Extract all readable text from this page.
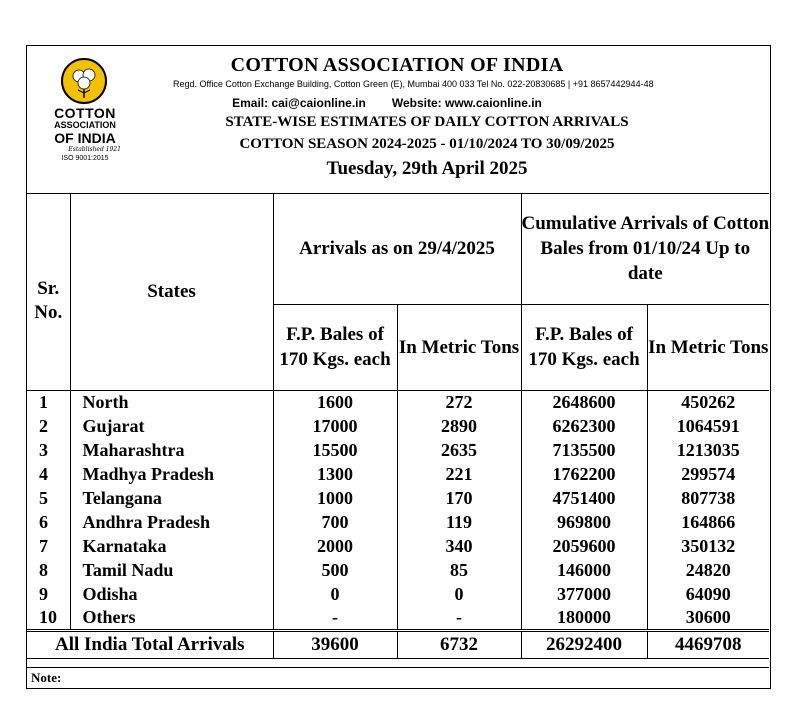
COTTON
ASSOCIATION
OF INDIA
Established 1921
ISO 9001:2015
COTTON ASSOCIATION OF INDIA
Regd. Office Cotton Exchange Building, Cotton Green (E), Mumbai 400 033 Tel No. 022-20830685 | +91 8657442944-48
Email: cai@caionline.in Website: www.caionline.in
STATE-WISE ESTIMATES OF DAILY COTTON ARRIVALS
COTTON SEASON 2024-2025 - 01/10/2024 TO 30/09/2025
Tuesday, 29th April 2025
Sr. No.	States	Arrivals as on 29/4/2025		Cumulative Arrivals of Cotton Bales from 01/10/24 Up to date	
		F.P. Bales of 170 Kgs. each	In Metric Tons	F.P. Bales of 170 Kgs. each	In Metric Tons
1	North	1600	272	2648600	450262
2	Gujarat	17000	2890	6262300	1064591
3	Maharashtra	15500	2635	7135500	1213035
4	Madhya Pradesh	1300	221	1762200	299574
5	Telangana	1000	170	4751400	807738
6	Andhra Pradesh	700	119	969800	164866
7	Karnataka	2000	340	2059600	350132
8	Tamil Nadu	500	85	146000	24820
9	Odisha	0	0	377000	64090
10	Others	-	-	180000	30600
All India Total Arrivals		39600	6732	26292400	4469708
Note:
